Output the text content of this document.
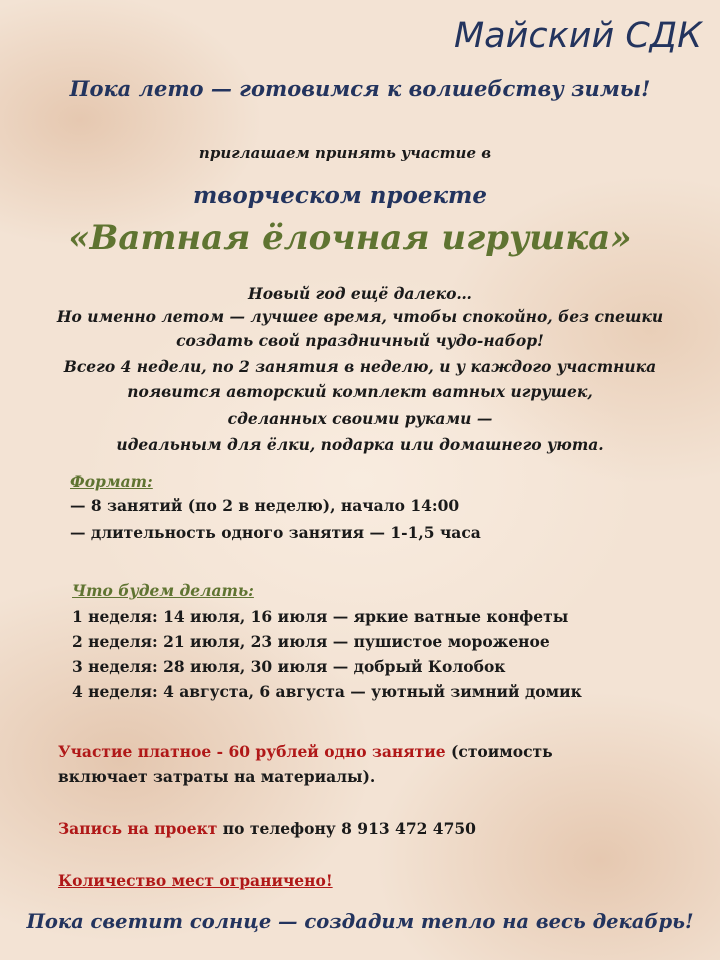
Майский СДК
Пока лето — готовимся к волшебству зимы!
приглашаем принять участие в
творческом проекте
«Ватная ёлочная игрушка»
Новый год ещё далеко…
Но именно летом — лучшее время, чтобы спокойно, без спешки
создать свой праздничный чудо-набор!
Всего 4 недели, по 2 занятия в неделю, и у каждого участника
появится авторский комплект ватных игрушек,
сделанных своими руками —
идеальным для ёлки, подарка или домашнего уюта.
Формат:
— 8 занятий (по 2 в неделю), начало 14:00
— длительность одного занятия — 1-1,5 часа
Что будем делать:
1 неделя: 14 июля, 16 июля — яркие ватные конфеты
2 неделя: 21 июля, 23 июля — пушистое мороженое
3 неделя: 28 июля, 30 июля — добрый Колобок
4 неделя: 4 августа, 6 августа — уютный зимний домик
Участие платное - 60 рублей одно занятие (стоимость
включает затраты на материалы).
Запись на проект по телефону 8 913 472 4750
Количество мест ограничено!
Пока светит солнце — создадим тепло на весь декабрь!
